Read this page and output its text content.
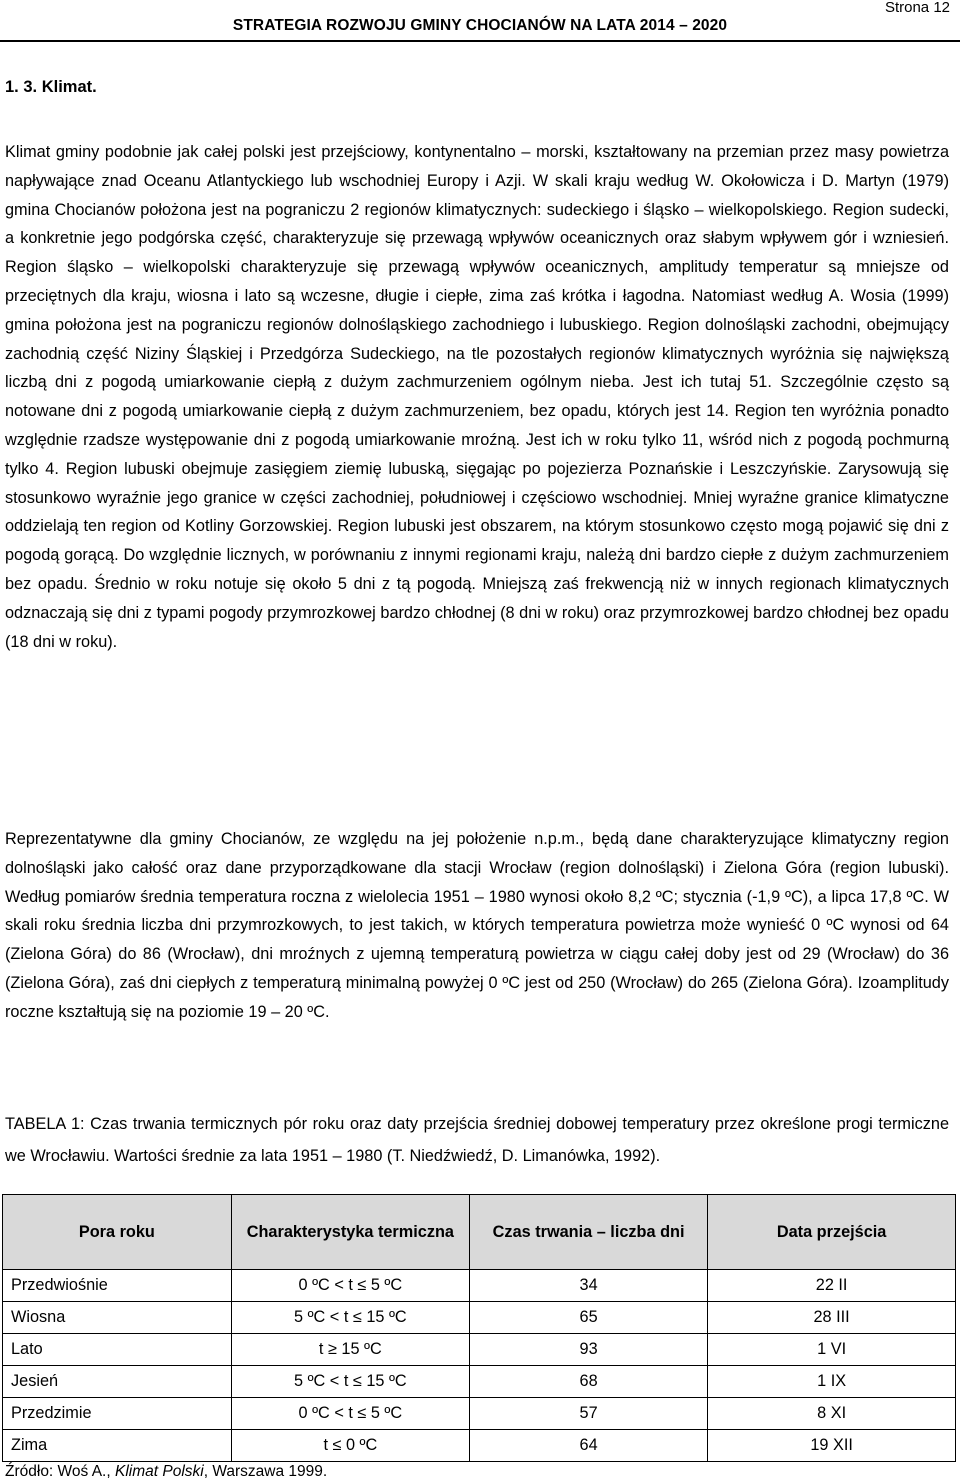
Strona 12
STRATEGIA ROZWOJU GMINY CHOCIANÓW NA LATA 2014 – 2020
1. 3. Klimat.

Klimat gminy podobnie jak całej polski jest przejściowy, kontynentalno – morski, kształtowany na przemian przez masy powietrza napływające znad Oceanu Atlantyckiego lub wschodniej Europy i Azji. W skali kraju według W. Okołowicza i D. Martyn (1979) gmina Chocianów położona jest na pograniczu 2 regionów klimatycznych: sudeckiego i śląsko – wielkopolskiego. Region sudecki, a konkretnie jego podgórska część, charakteryzuje się przewagą wpływów oceanicznych oraz słabym wpływem gór i wzniesień. Region śląsko – wielkopolski charakteryzuje się przewagą wpływów oceanicznych, amplitudy temperatur są mniejsze od przeciętnych dla kraju, wiosna i lato są wczesne, długie i ciepłe, zima zaś krótka i łagodna. Natomiast według A. Wosia (1999) gmina położona jest na pograniczu regionów dolnośląskiego zachodniego i lubuskiego. Region dolnośląski zachodni, obejmujący zachodnią część Niziny Śląskiej i Przedgórza Sudeckiego, na tle pozostałych regionów klimatycznych wyróżnia się największą liczbą dni z pogodą umiarkowanie ciepłą z dużym zachmurzeniem ogólnym nieba. Jest ich tutaj 51. Szczególnie często są notowane dni z pogodą umiarkowanie ciepłą z dużym zachmurzeniem, bez opadu, których jest 14. Region ten wyróżnia ponadto względnie rzadsze występowanie dni z pogodą umiarkowanie mroźną. Jest ich w roku tylko 11, wśród nich z pogodą pochmurną tylko 4. Region lubuski obejmuje zasięgiem ziemię lubuską, sięgając po pojezierza Poznańskie i Leszczyńskie. Zarysowują się stosunkowo wyraźnie jego granice w części zachodniej, południowej i częściowo wschodniej. Mniej wyraźne granice klimatyczne oddzielają ten region od Kotliny Gorzowskiej. Region lubuski jest obszarem, na którym stosunkowo często mogą pojawić się dni z pogodą gorącą. Do względnie licznych, w porównaniu z innymi regionami kraju, należą dni bardzo ciepłe z dużym zachmurzeniem bez opadu. Średnio w roku notuje się około 5 dni z tą pogodą. Mniejszą zaś frekwencją niż w innych regionach klimatycznych odznaczają się dni z typami pogody przymrozkowej bardzo chłodnej (8 dni w roku) oraz przymrozkowej bardzo chłodnej bez opadu (18 dni w roku).

Reprezentatywne dla gminy Chocianów, ze względu na jej położenie n.p.m., będą dane charakteryzujące klimatyczny region dolnośląski jako całość oraz dane przyporządkowane dla stacji Wrocław (region dolnośląski) i Zielona Góra (region lubuski). Według pomiarów średnia temperatura roczna z wielolecia 1951 – 1980 wynosi około 8,2 ºC; styczniа (-1,9 ºC), a lipca 17,8 ºC. W skali roku średnia liczba dni przymrozkowych, to jest takich, w których temperatura powietrza może wynieść 0 ºC wynosi od 64 (Zielona Góra) do 86 (Wrocław), dni mroźnych z ujemną temperaturą powietrza w ciągu całej doby jest od 29 (Wrocław) do 36 (Zielona Góra), zaś dni ciepłych z temperaturą minimalną powyżej 0 ºC jest od 250 (Wrocław) do 265 (Zielona Góra). Izoamplitudy roczne kształtują się na poziomie 19 – 20 ºC.

TABELA 1: Czas trwania termicznych pór roku oraz daty przejścia średniej dobowej temperatury przez określone progi termiczne we Wrocławiu. Wartości średnie za lata 1951 – 1980 (T. Niedźwiedź, D. Limanówka, 1992).

Pora roku	Charakterystyka termiczna	Czas trwania – liczba dni	Data przejścia
Przedwiośnie	0 ºC < t ≤ 5 ºC	34	22 II
Wiosna	5 ºC < t ≤ 15 ºC	65	28 III
Lato	t ≥ 15 ºC	93	1 VI
Jesień	5 ºC < t ≤ 15 ºC	68	1 IX
Przedzimie	0 ºC < t ≤ 5 ºC	57	8 XI
Zima	t ≤ 0 ºC	64	19 XII
Źródło: Woś A., Klimat Polski, Warszawa 1999.
